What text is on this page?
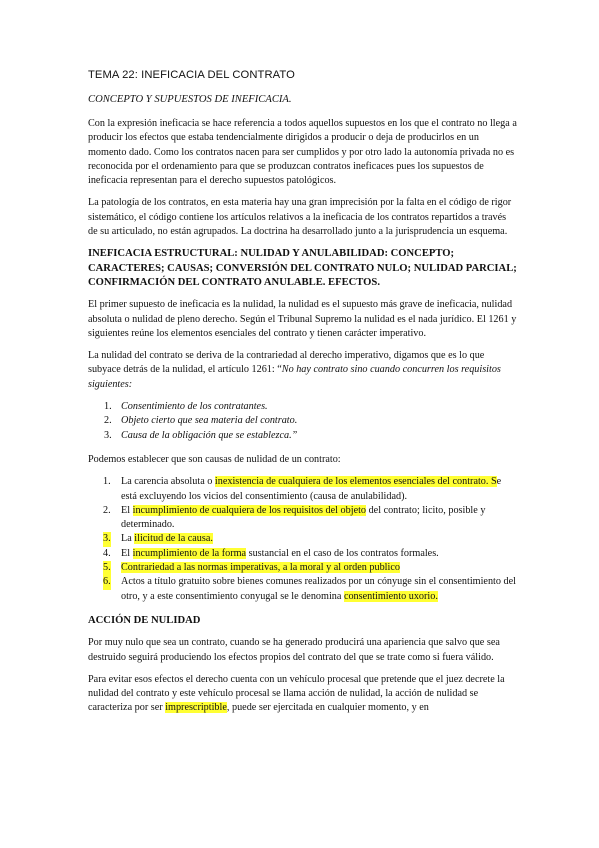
TEMA 22: INEFICACIA DEL CONTRATO
CONCEPTO Y SUPUESTOS DE INEFICACIA.

Con la expresión ineficacia se hace referencia a todos aquellos supuestos en los que el contrato no llega a producir los efectos que estaba tendencialmente dirigidos a producir o deja de producirlos en un momento dado. Como los contratos nacen para ser cumplidos y por otro lado la autonomía privada no es reconocida por el ordenamiento para que se produzcan contratos ineficaces pues los supuestos de ineficacia representan para el derecho supuestos patológicos.

La patología de los contratos, en esta materia hay una gran imprecisión por la falta en el código de rigor sistemático, el código contiene los artículos relativos a la ineficacia de los contratos repartidos a través de su articulado, no están agrupados. La doctrina ha desarrollado junto a la jurisprudencia un esquema.

INEFICACIA ESTRUCTURAL: NULIDAD Y ANULABILIDAD: CONCEPTO; CARACTERES; CAUSAS; CONVERSIÓN DEL CONTRATO NULO; NULIDAD PARCIAL; CONFIRMACIÓN DEL CONTRATO ANULABLE. EFECTOS.

El primer supuesto de ineficacia es la nulidad, la nulidad es el supuesto más grave de ineficacia, nulidad absoluta o nulidad de pleno derecho. Según el Tribunal Supremo la nulidad es el nada jurídico. El 1261 y siguientes reúne los elementos esenciales del contrato y tienen carácter imperativo.

La nulidad del contrato se deriva de la contrariedad al derecho imperativo, digamos que es lo que subyace detrás de la nulidad, el artículo 1261: “No hay contrato sino cuando concurren los requisitos siguientes:

1. Consentimiento de los contratantes.
2. Objeto cierto que sea materia del contrato.
3. Causa de la obligación que se establezca.”

Podemos establecer que son causas de nulidad de un contrato:

1. La carencia absoluta o inexistencia de cualquiera de los elementos esenciales del contrato. Se está excluyendo los vicios del consentimiento (causa de anulabilidad).
2. El incumplimiento de cualquiera de los requisitos del objeto del contrato; licito, posible y determinado.
3. La ilicitud de la causa.
4. El incumplimiento de la forma sustancial en el caso de los contratos formales.
5. Contrariedad a las normas imperativas, a la moral y al orden publico
6. Actos a título gratuito sobre bienes comunes realizados por un cónyuge sin el consentimiento del otro, y a este consentimiento conyugal se le denomina consentimiento uxorio.
ACCIÓN DE NULIDAD

Por muy nulo que sea un contrato, cuando se ha generado producirá una apariencia que salvo que sea destruido seguirá produciendo los efectos propios del contrato del que se trate como si fuera válido.

Para evitar esos efectos el derecho cuenta con un vehículo procesal que pretende que el juez decrete la nulidad del contrato y este vehículo procesal se llama acción de nulidad, la acción de nulidad se caracteriza por ser imprescriptible, puede ser ejercitada en cualquier momento, y en
